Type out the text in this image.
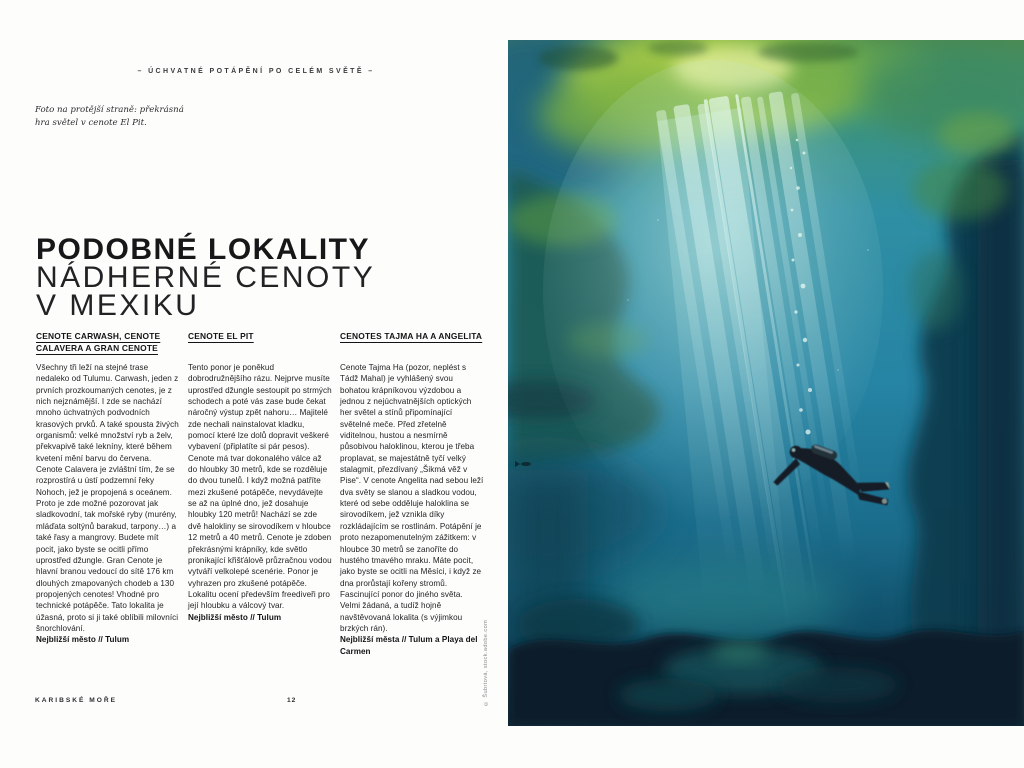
– ÚCHVATNÉ POTÁPĚNÍ PO CELÉM SVĚTĚ –
Foto na protější straně: překrásná hra světel v cenote El Pit.
PODOBNÉ LOKALITY
NÁDHERNÉ CENOTY
V MEXIKU
CENOTE CARWASH, CENOTE CALAVERA A GRAN CENOTE

Všechny tři leží na stejné trase nedaleko od Tulumu. Carwash, jeden z prvních prozkoumaných cenotes, je z nich nejznámější. I zde se nachází mnoho úchvatných podvodních krasových prvků. A také spousta živých organismů: velké množství ryb a želv, překvapivě také lekníny, které během kvetení mění barvu do červena. Cenote Calavera je zvláštní tím, že se rozprostírá u ústí podzemní řeky Nohoch, jež je propojená s oceánem. Proto je zde možné pozorovat jak sladkovodní, tak mořské ryby (murény, mláďata soltýnů barakud, tarpony…) a také řasy a mangrovy. Budete mít pocit, jako byste se ocitli přímo uprostřed džungle. Gran Cenote je hlavní branou vedoucí do sítě 176 km dlouhých zmapovaných chodeb a 130 propojených cenotes! Vhodné pro technické potápěče. Tato lokalita je úžasná, proto si ji také oblíbili milovníci šnorchlování.

Nejbližší město // Tulum

CENOTE EL PIT

Tento ponor je poněkud dobrodružnějšího rázu. Nejprve musíte uprostřed džungle sestoupit po strmých schodech a poté vás zase bude čekat náročný výstup zpět nahoru… Majitelé zde nechali nainstalovat kladku, pomocí které lze dolů dopravit veškeré vybavení (připlatíte si pár pesos). Cenote má tvar dokonalého válce až do hloubky 30 metrů, kde se rozděluje do dvou tunelů. I když možná patříte mezi zkušené potápěče, nevydávejte se až na úplné dno, jež dosahuje hloubky 120 metrů! Nachází se zde dvě halokliny se sirovodíkem v hloubce 12 metrů a 40 metrů. Cenote je zdoben překrásnými krápníky, kde světlo pronikající křišťálově průzračnou vodou vytváří velkolepé scenérie. Ponor je vyhrazen pro zkušené potápěče. Lokalitu ocení především freediveři pro její hloubku a válcový tvar.

Nejbližší město // Tulum

CENOTES TAJMA HA A ANGELITA

Cenote Tajma Ha (pozor, neplést s Tádž Mahal) je vyhlášený svou bohatou krápníkovou výzdobou a jednou z nejúchvatnějších optických her světel a stínů připomínající světelné meče. Před zřetelně viditelnou, hustou a nesmírně působivou haloklinou, kterou je třeba proplavat, se majestátně tyčí velký stalagmit, přezdívaný „Šikmá věž v Pise“. V cenote Angelita nad sebou leží dva světy se slanou a sladkou vodou, které od sebe odděluje haloklina se sirovodíkem, jež vznikla díky rozkládajícím se rostlinám. Potápění je proto nezapomenutelným zážitkem: v hloubce 30 metrů se zanoříte do hustého tmavého mraku. Máte pocit, jako byste se ocitli na Měsíci, i když ze dna prorůstají kořeny stromů. Fascinující ponor do jiného světa. Velmi žádaná, a tudíž hojně navštěvovaná lokalita (s výjimkou brzkých rán).

Nejbližší města // Tulum a Playa del Carmen

KARIBSKÉ MOŘE	12	© Šubrtová, stock.adobe.com
